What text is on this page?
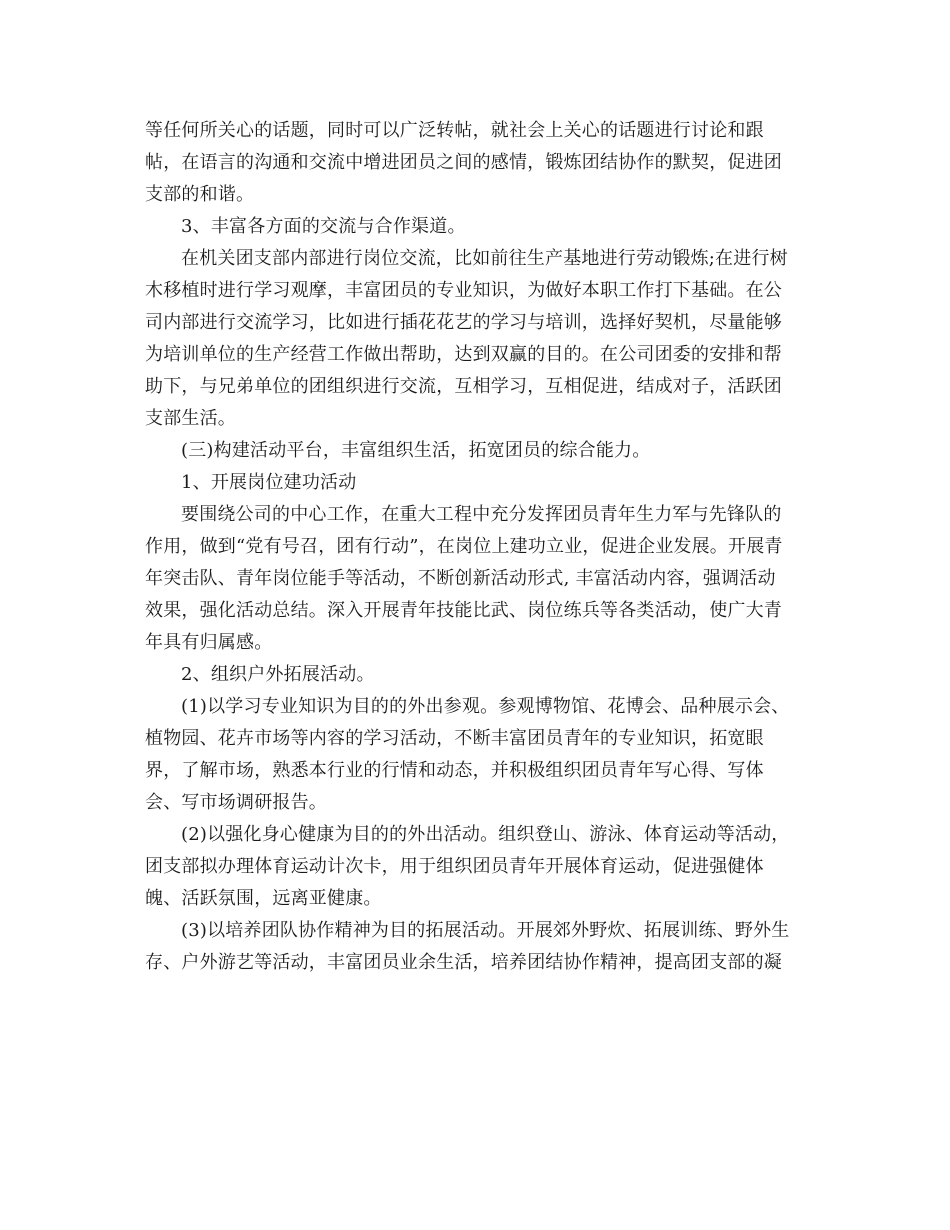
等任何所关心的话题，同时可以广泛转帖，就社会上关心的话题进行讨论和跟
帖，在语言的沟通和交流中增进团员之间的感情，锻炼团结协作的默契，促进团
支部的和谐。
3、丰富各方面的交流与合作渠道。
在机关团支部内部进行岗位交流，比如前往生产基地进行劳动锻炼;在进行树
木移植时进行学习观摩，丰富团员的专业知识，为做好本职工作打下基础。在公
司内部进行交流学习，比如进行插花花艺的学习与培训，选择好契机，尽量能够
为培训单位的生产经营工作做出帮助，达到双赢的目的。在公司团委的安排和帮
助下，与兄弟单位的团组织进行交流，互相学习，互相促进，结成对子，活跃团
支部生活。
(三)构建活动平台，丰富组织生活，拓宽团员的综合能力。
1、开展岗位建功活动
要围绕公司的中心工作，在重大工程中充分发挥团员青年生力军与先锋队的
作用，做到“党有号召，团有行动”，在岗位上建功立业，促进企业发展。开展青
年突击队、青年岗位能手等活动，不断创新活动形式, 丰富活动内容，强调活动
效果，强化活动总结。深入开展青年技能比武、岗位练兵等各类活动，使广大青
年具有归属感。
2、组织户外拓展活动。
(1)以学习专业知识为目的的外出参观。参观博物馆、花博会、品种展示会、
植物园、花卉市场等内容的学习活动，不断丰富团员青年的专业知识，拓宽眼
界，了解市场，熟悉本行业的行情和动态，并积极组织团员青年写心得、写体
会、写市场调研报告。
(2)以强化身心健康为目的的外出活动。组织登山、游泳、体育运动等活动，
团支部拟办理体育运动计次卡，用于组织团员青年开展体育运动，促进强健体
魄、活跃氛围，远离亚健康。
(3)以培养团队协作精神为目的拓展活动。开展郊外野炊、拓展训练、野外生
存、户外游艺等活动，丰富团员业余生活，培养团结协作精神，提高团支部的凝
